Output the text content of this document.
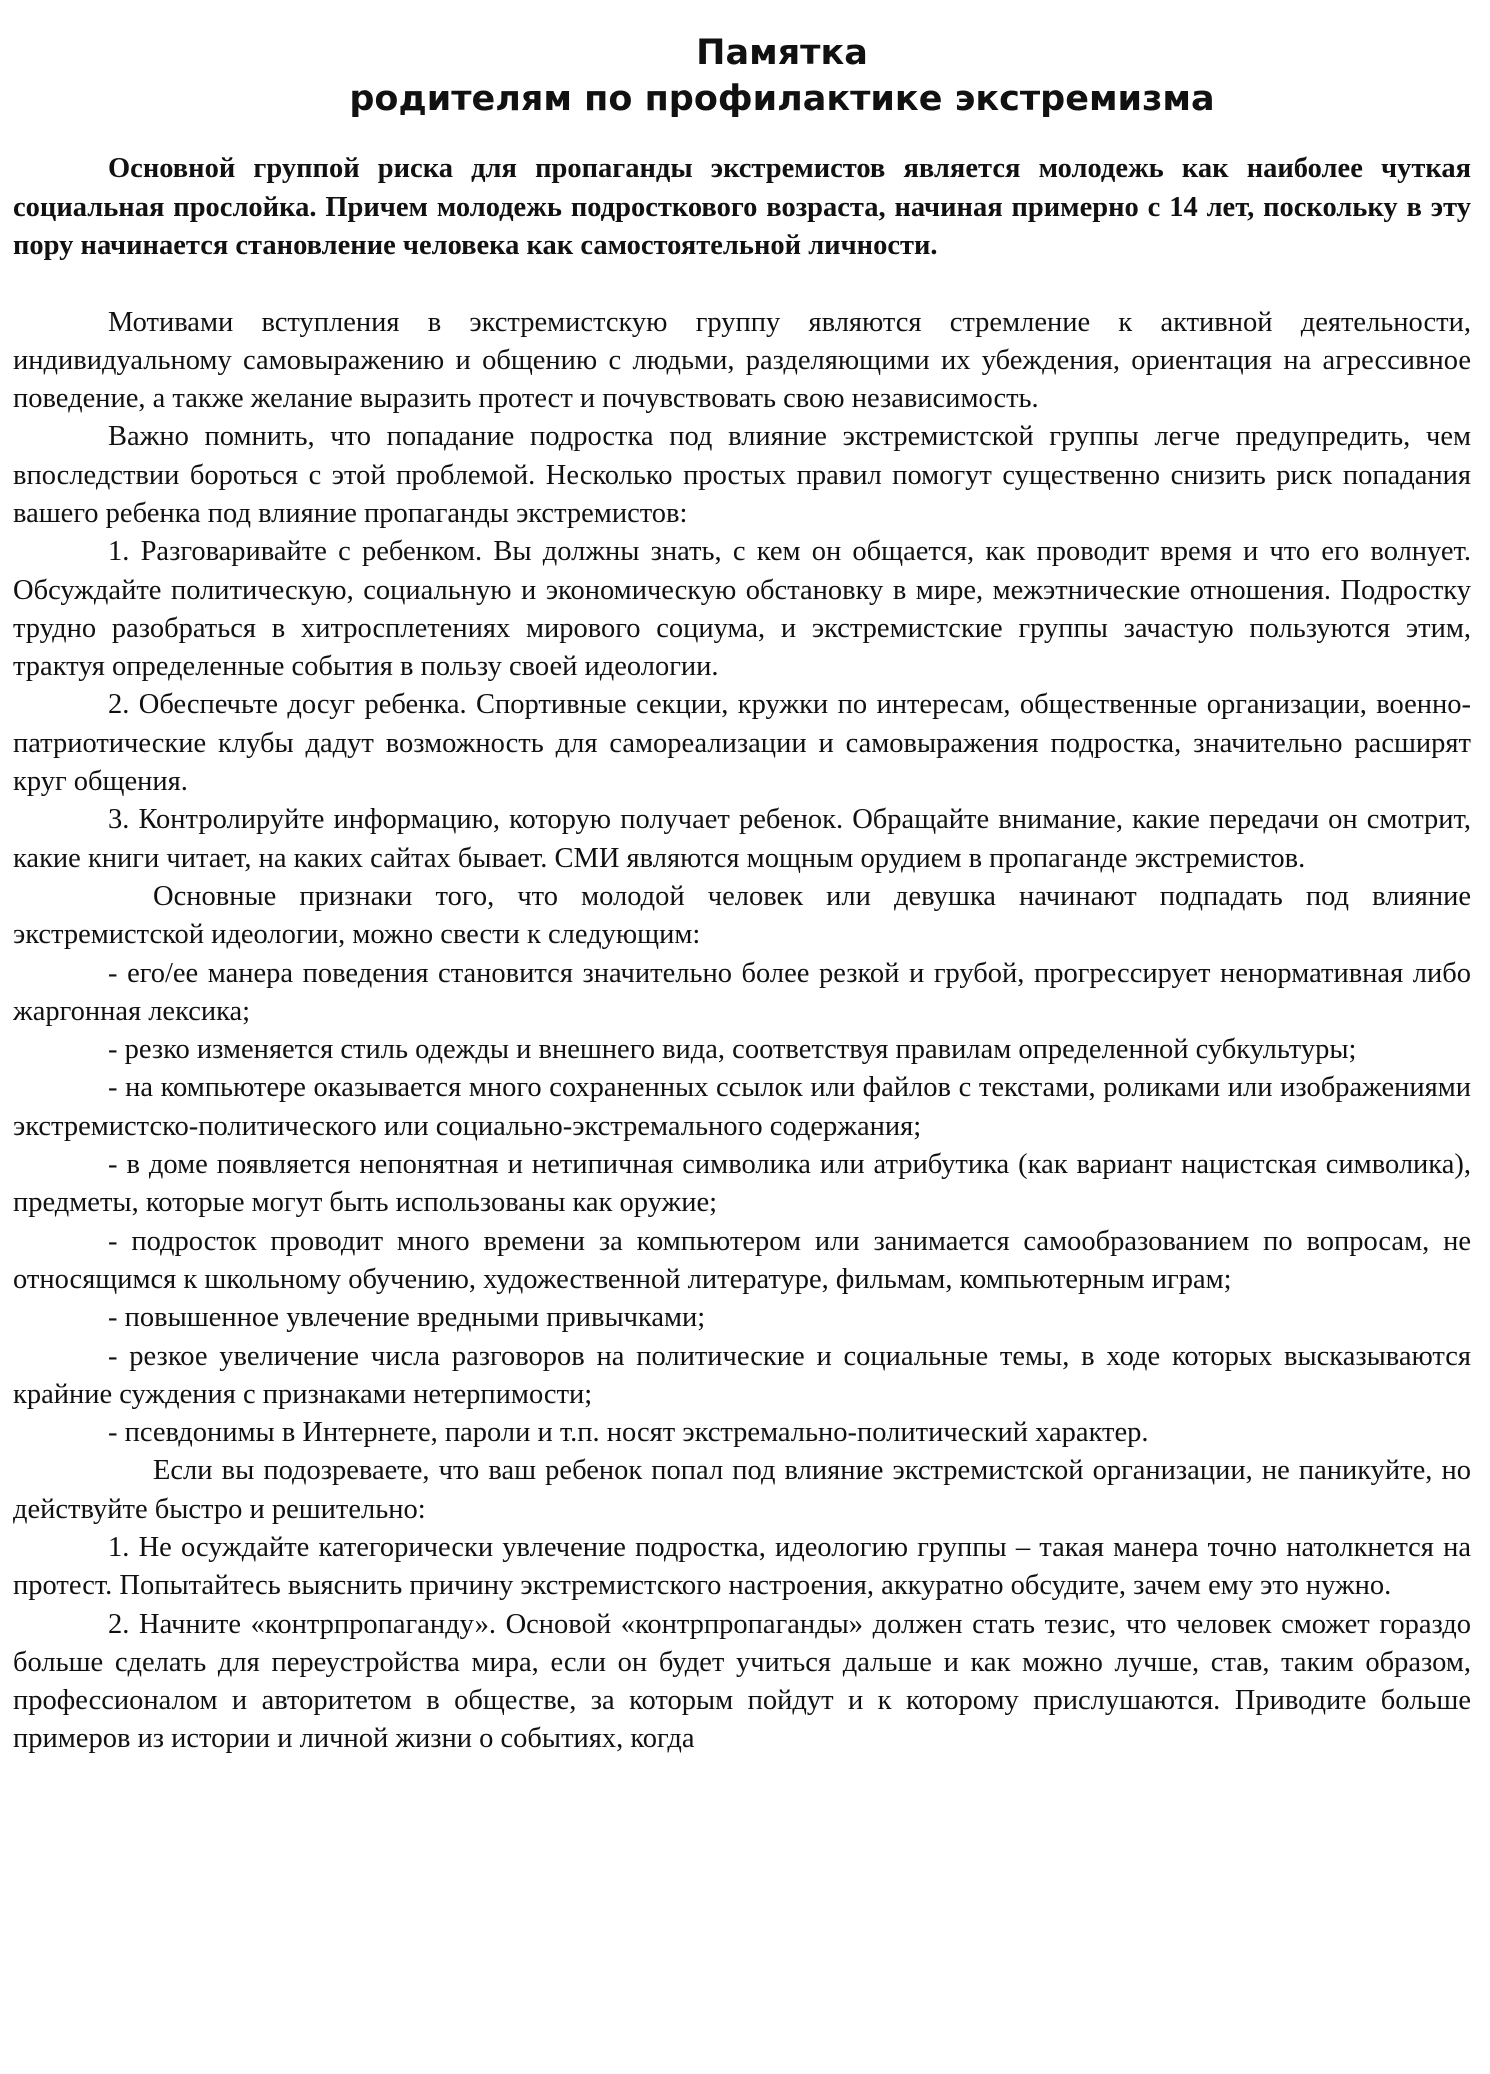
Памятка
родителям по профилактике экстремизма

Основной группой риска для пропаганды экстремистов является молодежь как наиболее чуткая социальная прослойка. Причем молодежь подросткового возраста, начиная примерно с 14 лет, поскольку в эту пору начинается становление человека как самостоятельной личности.

Мотивами вступления в экстремистскую группу являются стремление к активной деятельности, индивидуальному самовыражению и общению с людьми, разделяющими их убеждения, ориентация на агрессивное поведение, а также желание выразить протест и почувствовать свою независимость.

Важно помнить, что попадание подростка под влияние экстремистской группы легче предупредить, чем впоследствии бороться с этой проблемой. Несколько простых правил помогут существенно снизить риск попадания вашего ребенка под влияние пропаганды экстремистов:

1. Разговаривайте с ребенком. Вы должны знать, с кем он общается, как проводит время и что его волнует. Обсуждайте политическую, социальную и экономическую обстановку в мире, межэтнические отношения. Подростку трудно разобраться в хитросплетениях мирового социума, и экстремистские группы зачастую пользуются этим, трактуя определенные события в пользу своей идеологии.

2. Обеспечьте досуг ребенка. Спортивные секции, кружки по интересам, общественные организации, военно-патриотические клубы дадут возможность для самореализации и самовыражения подростка, значительно расширят круг общения.

3. Контролируйте информацию, которую получает ребенок. Обращайте внимание, какие передачи он смотрит, какие книги читает, на каких сайтах бывает. СМИ являются мощным орудием в пропаганде экстремистов.

Основные признаки того, что молодой человек или девушка начинают подпадать под влияние экстремистской идеологии, можно свести к следующим:

- его/ее манера поведения становится значительно более резкой и грубой, прогрессирует ненормативная либо жаргонная лексика;

- резко изменяется стиль одежды и внешнего вида, соответствуя правилам определенной субкультуры;

- на компьютере оказывается много сохраненных ссылок или файлов с текстами, роликами или изображениями экстремистско-политического или социально-экстремального содержания;

- в доме появляется непонятная и нетипичная символика или атрибутика (как вариант нацистская символика), предметы, которые могут быть использованы как оружие;

- подросток проводит много времени за компьютером или занимается самообразованием по вопросам, не относящимся к школьному обучению, художественной литературе, фильмам, компьютерным играм;

- повышенное увлечение вредными привычками;

- резкое увеличение числа разговоров на политические и социальные темы, в ходе которых высказываются крайние суждения с признаками нетерпимости;

- псевдонимы в Интернете, пароли и т.п. носят экстремально-политический характер.

Если вы подозреваете, что ваш ребенок попал под влияние экстремистской организации, не паникуйте, но действуйте быстро и решительно:

1. Не осуждайте категорически увлечение подростка, идеологию группы – такая манера точно натолкнется на протест. Попытайтесь выяснить причину экстремистского настроения, аккуратно обсудите, зачем ему это нужно.

2. Начните «контрпропаганду». Основой «контрпропаганды» должен стать тезис, что человек сможет гораздо больше сделать для переустройства мира, если он будет учиться дальше и как можно лучше, став, таким образом, профессионалом и авторитетом в обществе, за которым пойдут и к которому прислушаются. Приводите больше примеров из истории и личной жизни о событиях, когда
